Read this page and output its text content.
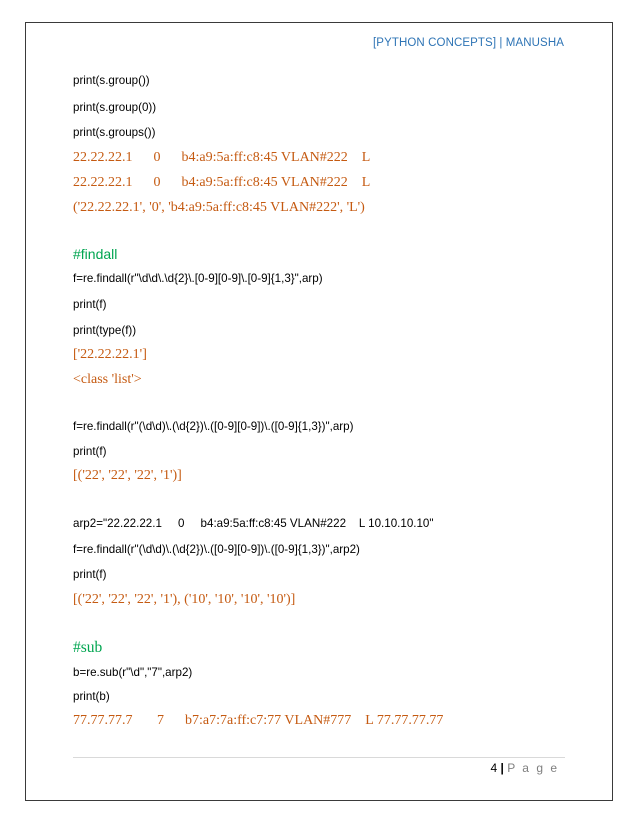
[PYTHON CONCEPTS] | MANUSHA
print(s.group())
print(s.group(0))
print(s.groups())
22.22.22.1      0      b4:a9:5a:ff:c8:45 VLAN#222    L
22.22.22.1      0      b4:a9:5a:ff:c8:45 VLAN#222    L
('22.22.22.1', '0', 'b4:a9:5a:ff:c8:45 VLAN#222', 'L')
#findall
f=re.findall(r"\d\d\.\d{2}\.[0-9][0-9]\.[0-9]{1,3}",arp)
print(f)
print(type(f))
['22.22.22.1']
<class 'list'>
f=re.findall(r"(\d\d)\.(\d{2})\.([0-9][0-9])\.([0-9]{1,3})",arp)
print(f)
[('22', '22', '22', '1')]
arp2="22.22.22.1     0     b4:a9:5a:ff:c8:45 VLAN#222    L 10.10.10.10"
f=re.findall(r"(\d\d)\.(\d{2})\.([0-9][0-9])\.([0-9]{1,3})",arp2)
print(f)
[('22', '22', '22', '1'), ('10', '10', '10', '10')]
#sub
b=re.sub(r"\d","7",arp2)
print(b)
77.77.77.7       7      b7:a7:7a:ff:c7:77 VLAN#777    L 77.77.77.77
4 | P a g e
